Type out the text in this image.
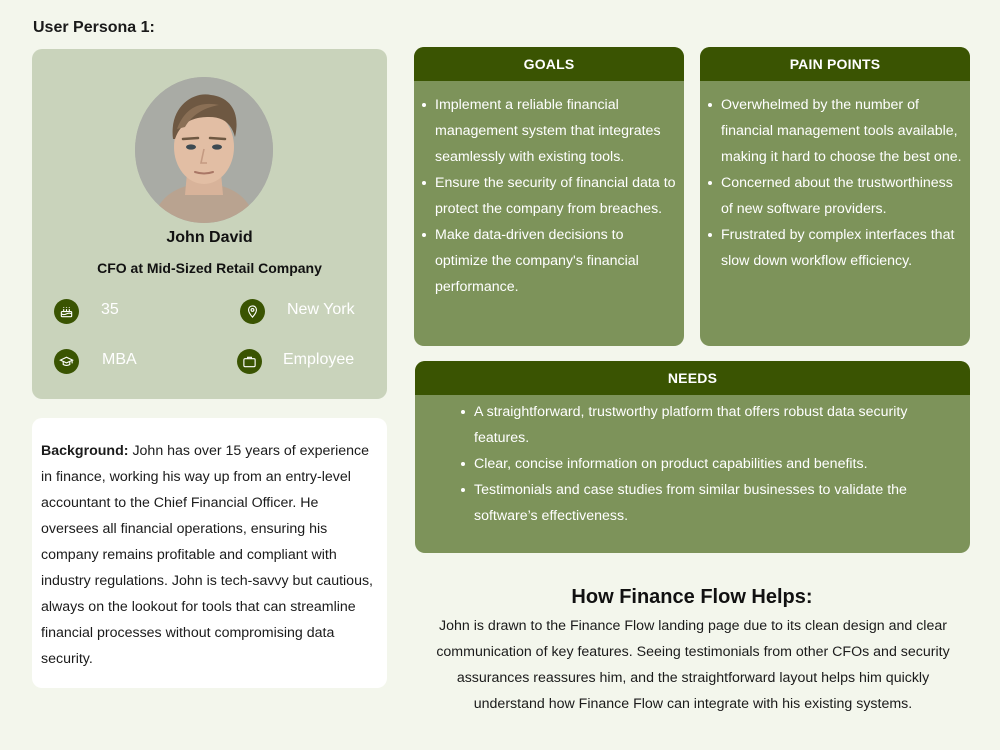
User Persona 1:
John David
CFO at Mid-Sized Retail Company
35	New York
MBA	Employee
Background: John has over 15 years of experience in finance, working his way up from an entry-level accountant to the Chief Financial Officer. He oversees all financial operations, ensuring his company remains profitable and compliant with industry regulations. John is tech-savvy but cautious, always on the lookout for tools that can streamline financial processes without compromising data security.
GOALS
Implement a reliable financial management system that integrates seamlessly with existing tools.
Ensure the security of financial data to protect the company from breaches.
Make data-driven decisions to optimize the company's financial performance.
PAIN POINTS
Overwhelmed by the number of financial management tools available, making it hard to choose the best one.
Concerned about the trustworthiness of new software providers.
Frustrated by complex interfaces that slow down workflow efficiency.
NEEDS
A straightforward, trustworthy platform that offers robust data security features.
Clear, concise information on product capabilities and benefits.
Testimonials and case studies from similar businesses to validate the software’s effectiveness.
How Finance Flow Helps:
John is drawn to the Finance Flow landing page due to its clean design and clear communication of key features. Seeing testimonials from other CFOs and security assurances reassures him, and the straightforward layout helps him quickly understand how Finance Flow can integrate with his existing systems.
